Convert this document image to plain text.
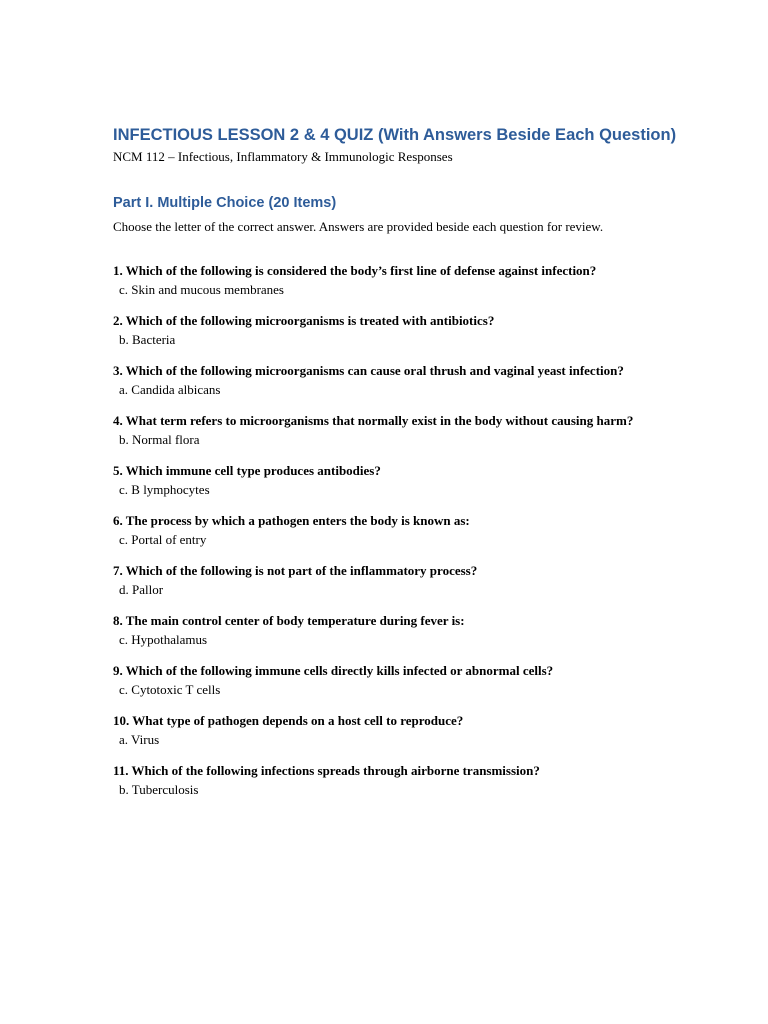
INFECTIOUS LESSON 2 & 4 QUIZ (With Answers Beside Each Question)

NCM 112 – Infectious, Inflammatory & Immunologic Responses

Part I. Multiple Choice (20 Items)

Choose the letter of the correct answer. Answers are provided beside each question for review.

1. Which of the following is considered the body’s first line of defense against infection?

c. Skin and mucous membranes

2. Which of the following microorganisms is treated with antibiotics?

b. Bacteria

3. Which of the following microorganisms can cause oral thrush and vaginal yeast infection?

a. Candida albicans

4. What term refers to microorganisms that normally exist in the body without causing harm?

b. Normal flora

5. Which immune cell type produces antibodies?

c. B lymphocytes

6. The process by which a pathogen enters the body is known as:

c. Portal of entry

7. Which of the following is not part of the inflammatory process?

d. Pallor

8. The main control center of body temperature during fever is:

c. Hypothalamus

9. Which of the following immune cells directly kills infected or abnormal cells?

c. Cytotoxic T cells

10. What type of pathogen depends on a host cell to reproduce?

a. Virus

11. Which of the following infections spreads through airborne transmission?

b. Tuberculosis
